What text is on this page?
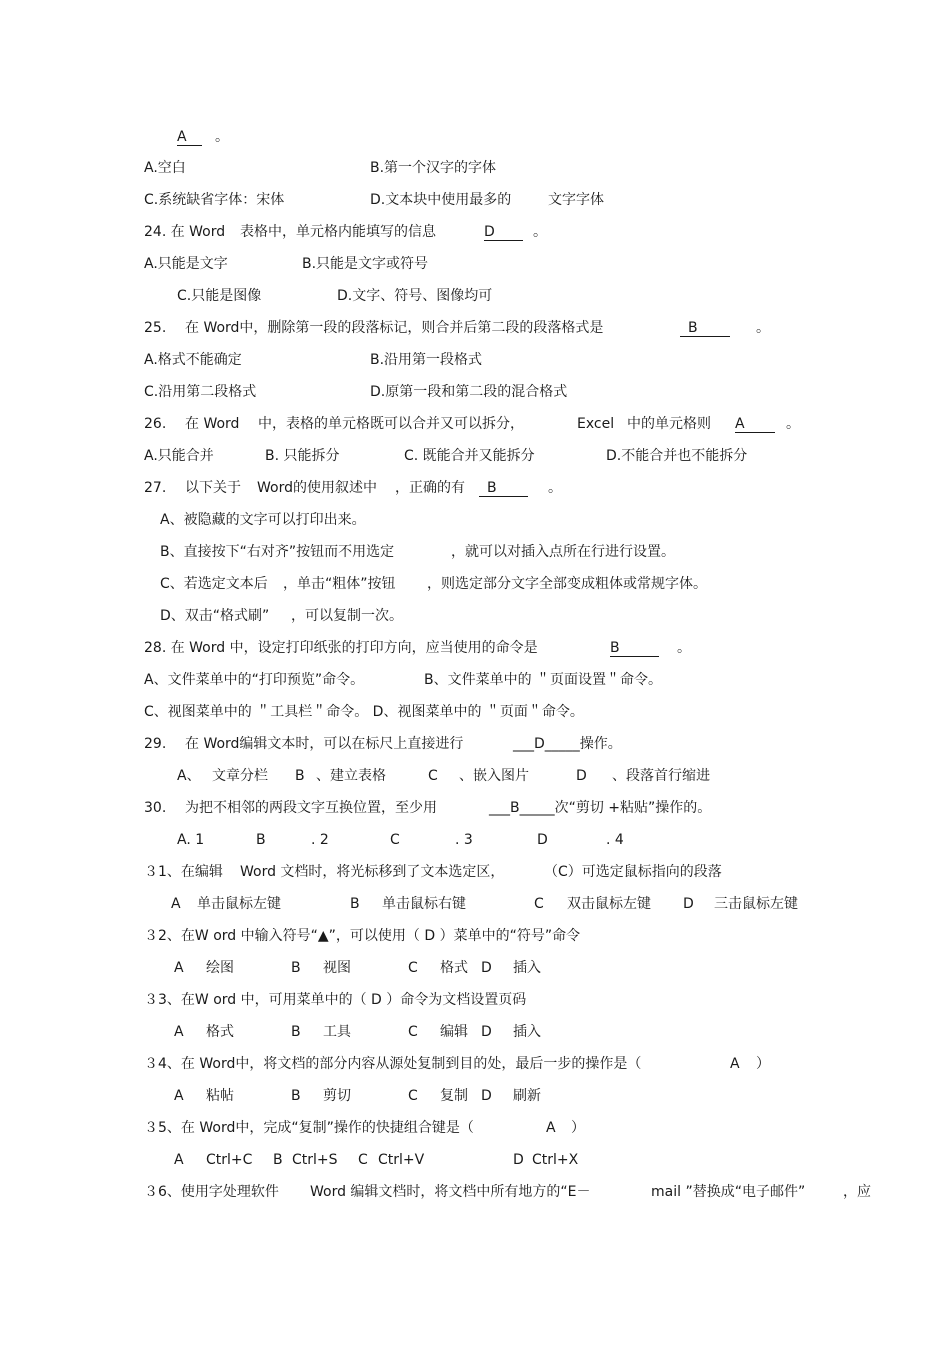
A 。
A.空白	B.第一个汉字的字体
C.系统缺省字体：宋体	D.文本块中使用最多的	文字字体
24. 在 Word 表格中，单元格内能填写的信息	D	。
A.只能是文字	B.只能是文字或符号
C.只能是图像	D.文字、符号、图像均可
25. 在 Word中，删除第一段的段落标记，则合并后第二段的段落格式是	B	。
A.格式不能确定	B.沿用第一段格式
C.沿用第二段格式	D.原第一段和第二段的混合格式
26. 在 Word 中，表格的单元格既可以合并又可以拆分，	Excel 中的单元格则 A	。
A.只能合并	B. 只能拆分	C. 既能合并又能拆分	D.不能合并也不能拆分
27. 以下关于 Word的使用叙述中 ，正确的有 B	。
A、被隐藏的文字可以打印出来。
B、直接按下“右对齐”按钮而不用选定	，就可以对插入点所在行进行设置。
C、若选定文本后 ，单击“粗体”按钮 ，则选定部分文字全部变成粗体或常规字体。
D、双击“格式刷” ，可以复制一次。
28. 在 Word 中，设定打印纸张的打印方向，应当使用的命令是	B	。
A、文件菜单中的“打印预览”命令。	B、文件菜单中的 ＂页面设置＂命令。
C、视图菜单中的 ＂工具栏＂命令。 D、视图菜单中的 ＂页面＂命令。
29. 在 Word编辑文本时，可以在标尺上直接进行	___D_____操作。
A、 文章分栏 B 、建立表格	C 、嵌入图片	D 、段落首行缩进
30. 为把不相邻的两段文字互换位置，至少用	___B_____次“剪切 +粘贴”操作的。
A. 1	B	. 2	C	. 3	D	. 4
３1、在编辑 Word 文档时，将光标移到了文本选定区，	（C）可选定鼠标指向的段落
A 单击鼠标左键	B 单击鼠标右键	C 双击鼠标左键 D 三击鼠标左键
３2、在W ord 中输入符号“▲”，可以使用（ D ）菜单中的“符号”命令
A 绘图	B 视图	C 格式 D 插入
３3、在W ord 中，可用菜单中的（ D ）命令为文档设置页码
A 格式	B 工具	C 编辑 D 插入
３4、在 Word中，将文档的部分内容从源处复制到目的处，最后一步的操作是（	A ）
A 粘帖	B 剪切	C 复制 D 刷新
３5、在 Word中，完成“复制”操作的快捷组合键是（	A ）
A Ctrl+C B Ctrl+S C Ctrl+V	D Ctrl+X
３6、使用字处理软件 Word 编辑文档时，将文档中所有地方的“E－	mail ”替换成“电子邮件”	，应
